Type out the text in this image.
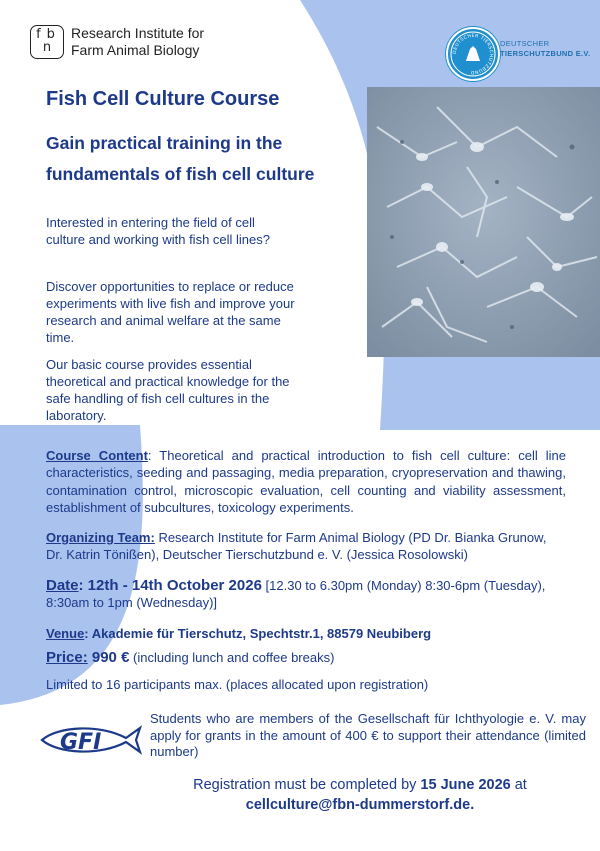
fb
n
Research Institute for
Farm Animal Biology	DEUTSCHER TIERSCHUTZBUND
DEUTSCHER
TIERSCHUTZBUND E.V.
Fish Cell Culture Course
Gain practical training in the
fundamentals of fish cell culture

Interested in entering the field of cell culture and working with fish cell lines?

Discover opportunities to replace or reduce experiments with live fish and improve your research and animal welfare at the same time.

Our basic course provides essential theoretical and practical knowledge for the safe handling of fish cell cultures in the laboratory.

Course Content: Theoretical and practical introduction to fish cell culture: cell line characteristics, seeding and passaging, media preparation, cryopreservation and thawing, contamination control, microscopic evaluation, cell counting and viability assessment, establishment of subcultures, toxicology experiments.

Organizing Team: Research Institute for Farm Animal Biology (PD Dr. Bianka Grunow, Dr. Katrin Tönißen), Deutscher Tierschutzbund e. V. (Jessica Rosolowski)

Date: 12th - 14th October 2026 [12.30 to 6.30pm (Monday) 8:30-6pm (Tuesday), 8:30am to 1pm (Wednesday)]

Venue: Akademie für Tierschutz, Spechtstr.1, 88579 Neubiberg

Price: 990 € (including lunch and coffee breaks)

Limited to 16 participants max. (places allocated upon registration)

GFI

Students who are members of the Gesellschaft für Ichthyologie e. V. may apply for grants in the amount of 400 € to support their attendance (limited number)

Registration must be completed by 15 June 2026 at
cellculture@fbn-dummerstorf.de.
